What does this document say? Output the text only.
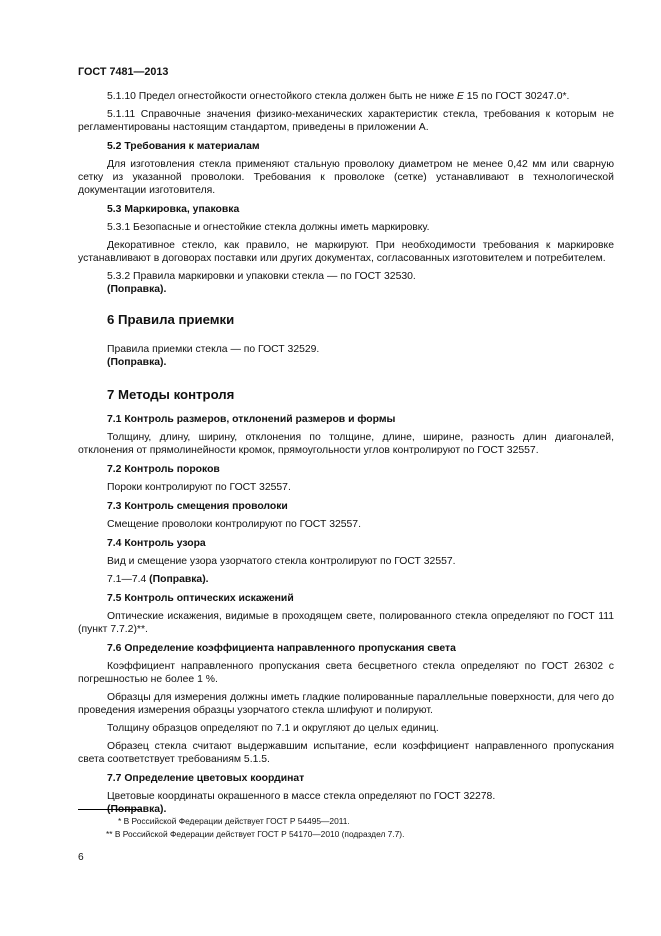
ГОСТ 7481—2013

5.1.10 Предел огнестойкости огнестойкого стекла должен быть не ниже Е 15 по ГОСТ 30247.0*.

5.1.11 Справочные значения физико-механических характеристик стекла, требования к которым не регламентированы настоящим стандартом, приведены в приложении А.

5.2 Требования к материалам

Для изготовления стекла применяют стальную проволоку диаметром не менее 0,42 мм или сварную сетку из указанной проволоки. Требования к проволоке (сетке) устанавливают в технологической документации изготовителя.

5.3 Маркировка, упаковка

5.3.1 Безопасные и огнестойкие стекла должны иметь маркировку.

Декоративное стекло, как правило, не маркируют. При необходимости требования к маркировке устанавливают в договорах поставки или других документах, согласованных изготовителем и потребителем.

5.3.2 Правила маркировки и упаковки стекла — по ГОСТ 32530.

(Поправка).

6 Правила приемки

Правила приемки стекла — по ГОСТ 32529.

(Поправка).

7 Методы контроля

7.1 Контроль размеров, отклонений размеров и формы

Толщину, длину, ширину, отклонения по толщине, длине, ширине, разность длин диагоналей, отклонения от прямолинейности кромок, прямоугольности углов контролируют по ГОСТ 32557.

7.2 Контроль пороков

Пороки контролируют по ГОСТ 32557.

7.3 Контроль смещения проволоки

Смещение проволоки контролируют по ГОСТ 32557.

7.4 Контроль узора

Вид и смещение узора узорчатого стекла контролируют по ГОСТ 32557.

7.1—7.4 (Поправка).

7.5 Контроль оптических искажений

Оптические искажения, видимые в проходящем свете, полированного стекла определяют по ГОСТ 111 (пункт 7.7.2)**.

7.6 Определение коэффициента направленного пропускания света

Коэффициент направленного пропускания света бесцветного стекла определяют по ГОСТ 26302 с погрешностью не более 1 %.

Образцы для измерения должны иметь гладкие полированные параллельные поверхности, для чего до проведения измерения образцы узорчатого стекла шлифуют и полируют.

Толщину образцов определяют по 7.1 и округляют до целых единиц.

Образец стекла считают выдержавшим испытание, если коэффициент направленного пропускания света соответствует требованиям 5.1.5.

7.7 Определение цветовых координат

Цветовые координаты окрашенного в массе стекла определяют по ГОСТ 32278.

(Поправка).

* В Российской Федерации действует ГОСТ Р 54495—2011.
** В Российской Федерации действует ГОСТ Р 54170—2010 (подраздел 7.7).
6
